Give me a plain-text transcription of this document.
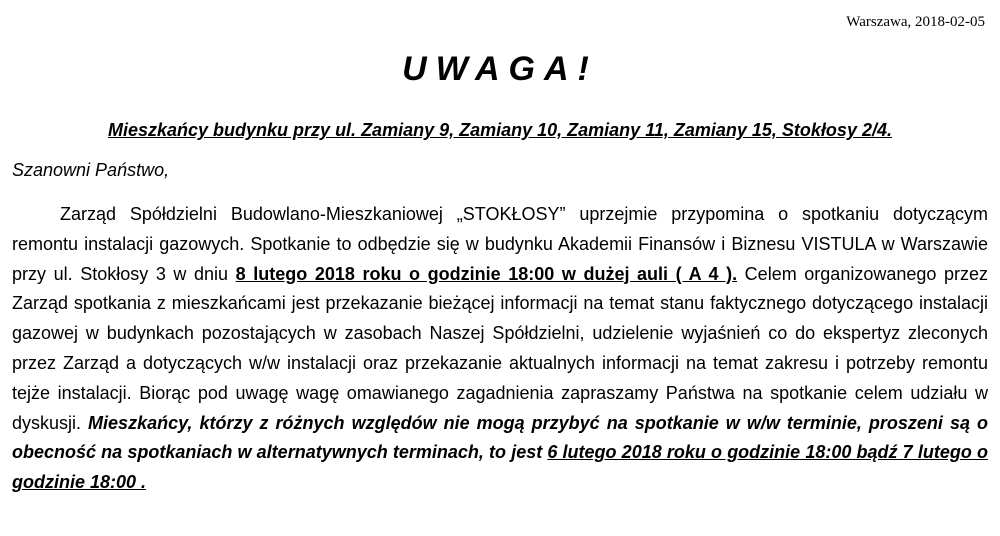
Warszawa, 2018-02-05
UWAGA!
Mieszkańcy budynku przy ul. Zamiany 9, Zamiany 10, Zamiany 11, Zamiany 15, Stokłosy 2/4.
Szanowni Państwo,
Zarząd Spółdzielni Budowlano-Mieszkaniowej „STOKŁOSY” uprzejmie przypomina o spotkaniu dotyczącym remontu instalacji gazowych. Spotkanie to odbędzie się w budynku Akademii Finansów i Biznesu VISTULA w Warszawie przy ul. Stokłosy 3 w dniu 8 lutego 2018 roku o godzinie 18:00 w dużej auli ( A 4 ). Celem organizowanego przez Zarząd spotkania z mieszkańcami jest przekazanie bieżącej informacji na temat stanu faktycznego dotyczącego instalacji gazowej w budynkach pozostających w zasobach Naszej Spółdzielni, udzielenie wyjaśnień co do ekspertyz zleconych przez Zarząd a dotyczących w/w instalacji oraz przekazanie aktualnych informacji na temat zakresu i potrzeby remontu tejże instalacji. Biorąc pod uwagę wagę omawianego zagadnienia zapraszamy Państwa na spotkanie celem udziału w dyskusji. Mieszkańcy, którzy z różnych względów nie mogą przybyć na spotkanie w w/w terminie, proszeni są o obecność na spotkaniach w alternatywnych terminach, to jest 6 lutego 2018 roku o godzinie 18:00 bądź 7 lutego o godzinie 18:00 .
